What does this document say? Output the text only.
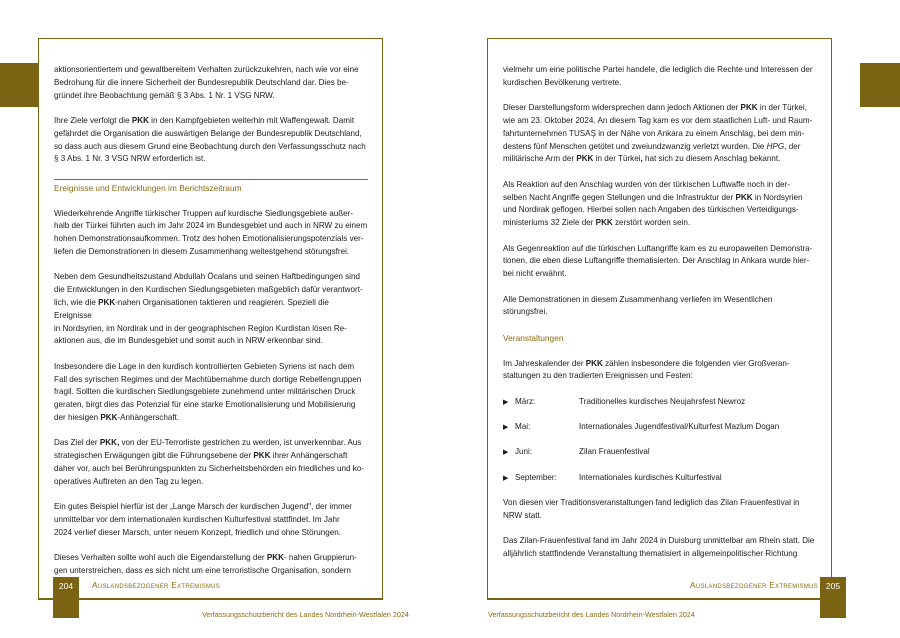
aktionsorientiertem und gewaltbereitem Verhalten zurückzukehren, nach wie vor eine
Bedrohung für die innere Sicherheit der Bundesrepublik Deutschland dar. Dies be-
gründet ihre Beobachtung gemäß § 3 Abs. 1 Nr. 1 VSG NRW.

Ihre Ziele verfolgt die PKK in den Kampfgebieten weiterhin mit Waffengewalt. Damit
gefährdet die Organisation die auswärtigen Belange der Bundesrepublik Deutschland,
so dass auch aus diesem Grund eine Beobachtung durch den Verfassungsschutz nach
§ 3 Abs. 1 Nr. 3 VSG NRW erforderlich ist.

Ereignisse und Entwicklungen im Berichtszeitraum

Wiederkehrende Angriffe türkischer Truppen auf kurdische Siedlungsgebiete außer-
halb der Türkei führten auch im Jahr 2024 im Bundesgebiet und auch in NRW zu einem
hohen Demonstrationsaufkommen. Trotz des hohen Emotionalisierungspotenzials ver-
liefen die Demonstrationen in diesem Zusammenhang weitestgehend störungsfrei.

Neben dem Gesundheitszustand Abdullah Öcalans und seinen Haftbedingungen sind
die Entwicklungen in den Kurdischen Siedlungsgebieten maßgeblich dafür verantwort-
lich, wie die PKK-nahen Organisationen taktieren und reagieren. Speziell die Ereignisse
in Nordsyrien, im Nordirak und in der geographischen Region Kurdistan lösen Re-
aktionen aus, die im Bundesgebiet und somit auch in NRW erkennbar sind.

Insbesondere die Lage in den kurdisch kontrollierten Gebieten Syriens ist nach dem
Fall des syrischen Regimes und der Machtübernahme durch dortige Rebellengruppen
fragil. Sollten die kurdischen Siedlungsgebiete zunehmend unter militärischen Druck
geraten, birgt dies das Potenzial für eine starke Emotionalisierung und Mobilisierung
der hiesigen PKK-Anhängerschaft.

Das Ziel der PKK, von der EU-Terrorliste gestrichen zu werden, ist unverkennbar. Aus
strategischen Erwägungen gibt die Führungsebene der PKK ihrer Anhängerschaft
daher vor, auch bei Berührungspunkten zu Sicherheitsbehörden ein friedliches und ko-
operatives Auftreten an den Tag zu legen.

Ein gutes Beispiel hierfür ist der „Lange Marsch der kurdischen Jugend", der immer
unmittelbar vor dem internationalen kurdischen Kulturfestival stattfindet. Im Jahr
2024 verlief dieser Marsch, unter neuem Konzept, friedlich und ohne Störungen.

Dieses Verhalten sollte wohl auch die Eigendarstellung der PKK- nahen Gruppierun-
gen unterstreichen, dass es sich nicht um eine terroristische Organisation, sondern

204	Auslandsbezogener Extremismus
Verfassungsschutzbericht des Landes Nordrhein-Westfalen 2024

vielmehr um eine politische Partei handele, die lediglich die Rechte und Interessen der
kurdischen Bevölkerung vertrete.

Dieser Darstellungsform widersprechen dann jedoch Aktionen der PKK in der Türkei,
wie am 23. Oktober 2024. An diesem Tag kam es vor dem staatlichen Luft- und Raum-
fahrtunternehmen TUSAŞ in der Nähe von Ankara zu einem Anschlag, bei dem min-
destens fünf Menschen getötet und zweiundzwanzig verletzt wurden. Die HPG, der
militärische Arm der PKK in der Türkei, hat sich zu diesem Anschlag bekannt.

Als Reaktion auf den Anschlag wurden von der türkischen Luftwaffe noch in der-
selben Nacht Angriffe gegen Stellungen und die Infrastruktur der PKK in Nordsyrien
und Nordirak geflogen. Hierbei sollen nach Angaben des türkischen Verteidigungs-
ministeriums 32 Ziele der PKK zerstört worden sein.

Als Gegenreaktion auf die türkischen Luftangriffe kam es zu europaweiten Demonstra-
tionen, die eben diese Luftangriffe thematisierten. Der Anschlag in Ankara wurde hier-
bei nicht erwähnt.

Alle Demonstrationen in diesem Zusammenhang verliefen im Wesentlichen
störungsfrei.

Veranstaltungen

Im Jahreskalender der PKK zählen insbesondere die folgenden vier Großveran-
staltungen zu den tradierten Ereignissen und Festen:

▶ März:	Traditionelles kurdisches Neujahrsfest Newroz
▶ Mai:	Internationales Jugendfestival/Kulturfest Mazlum Dogan
▶ Juni:	Zilan Frauenfestival
▶ September:	Internationales kurdisches Kulturfestival

Von diesen vier Traditionsveranstaltungen fand lediglich das Zilan Frauenfestival in
NRW statt.

Das Zilan-Frauenfestival fand im Jahr 2024 in Duisburg unmittelbar am Rhein statt. Die
alljährlich stattfindende Veranstaltung thematisiert in allgemeinpolitischer Richtung

205
Auslandsbezogener Extremismus
Verfassungsschutzbericht des Landes Nordrhein-Westfalen 2024
